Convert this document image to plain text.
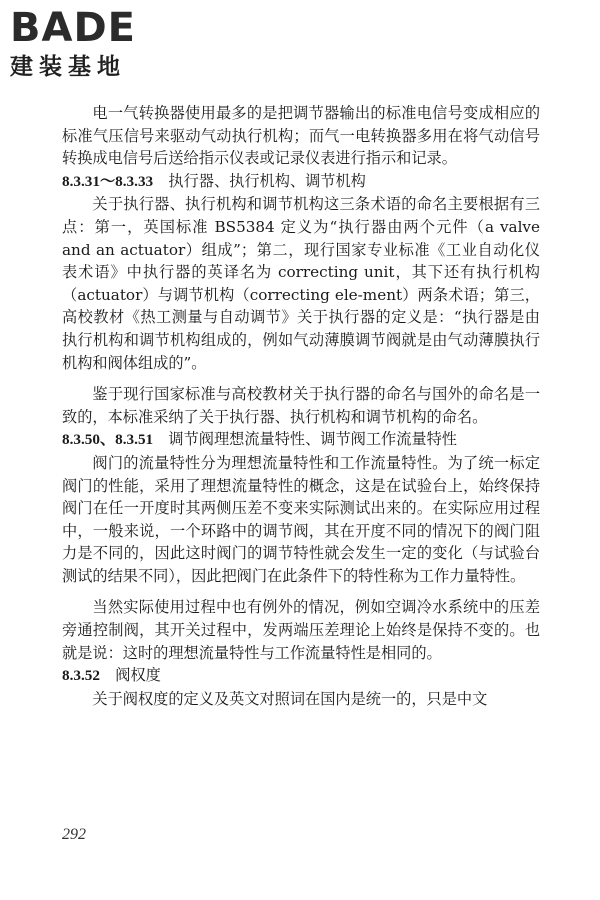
BADE
建装基地

电一气转换器使用最多的是把调节器输出的标准电信号变成相应的标准气压信号来驱动气动执行机构；而气一电转换器多用在将气动信号转换成电信号后送给指示仪表或记录仪表进行指示和记录。

8.3.31～8.3.33 执行器、执行机构、调节机构

关于执行器、执行机构和调节机构这三条术语的命名主要根据有三点：第一，英国标准 BS5384 定义为“执行器由两个元件（a valve and an actuator）组成”；第二，现行国家专业标准《工业自动化仪表术语》中执行器的英译名为 correcting unit，其下还有执行机构（actuator）与调节机构（correcting ele-ment）两条术语；第三，高校教材《热工测量与自动调节》关于执行器的定义是：“执行器是由执行机构和调节机构组成的，例如气动薄膜调节阀就是由气动薄膜执行机构和阀体组成的”。

鉴于现行国家标准与高校教材关于执行器的命名与国外的命名是一致的，本标准采纳了关于执行器、执行机构和调节机构的命名。

8.3.50、8.3.51 调节阀理想流量特性、调节阀工作流量特性

阀门的流量特性分为理想流量特性和工作流量特性。为了统一标定阀门的性能，采用了理想流量特性的概念，这是在试验台上，始终保持阀门在任一开度时其两侧压差不变来实际测试出来的。在实际应用过程中，一般来说，一个环路中的调节阀，其在开度不同的情况下的阀门阻力是不同的，因此这时阀门的调节特性就会发生一定的变化（与试验台测试的结果不同），因此把阀门在此条件下的特性称为工作力量特性。

当然实际使用过程中也有例外的情况，例如空调冷水系统中的压差旁通控制阀，其开关过程中，发两端压差理论上始终是保持不变的。也就是说：这时的理想流量特性与工作流量特性是相同的。

8.3.52 阀权度

关于阀权度的定义及英文对照词在国内是统一的，只是中文

292
